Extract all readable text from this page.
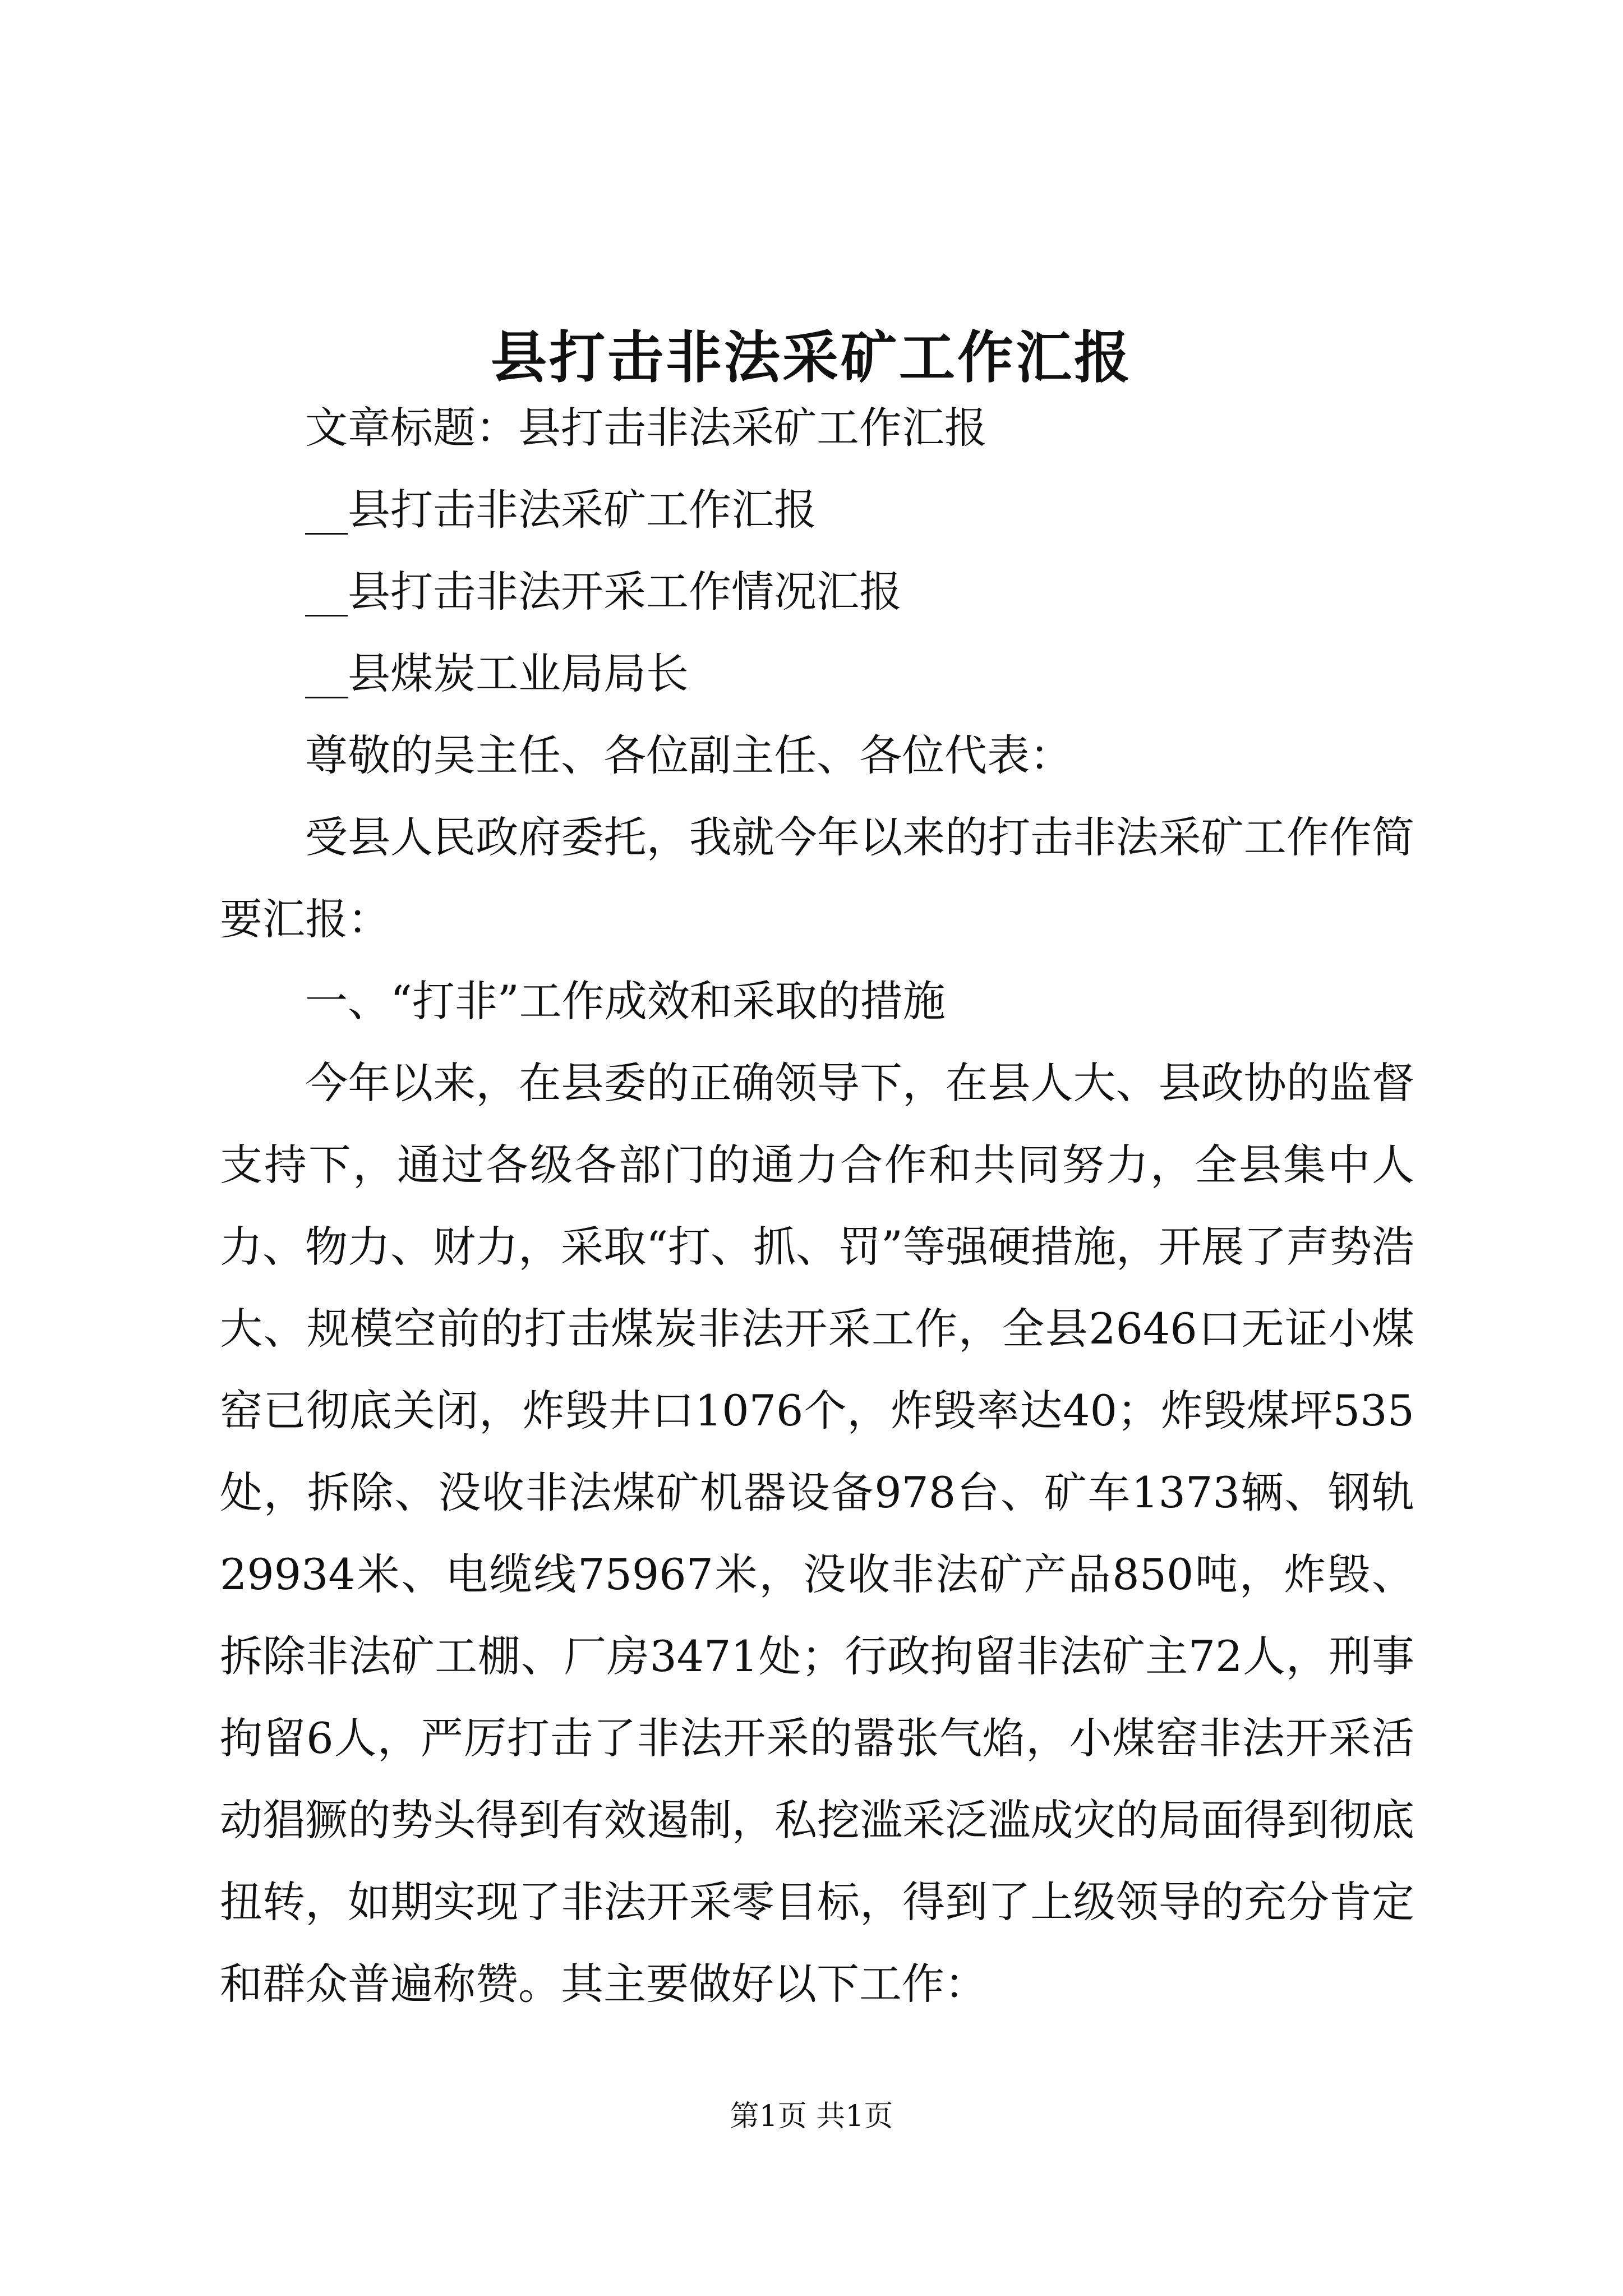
县打击非法采矿工作汇报

文章标题：县打击非法采矿工作汇报

__县打击非法采矿工作汇报

__县打击非法开采工作情况汇报

__县煤炭工业局局长

尊敬的吴主任、各位副主任、各位代表：

受县人民政府委托，我就今年以来的打击非法采矿工作作简要汇报：

一、“打非”工作成效和采取的措施

今年以来，在县委的正确领导下，在县人大、县政协的监督支持下，通过各级各部门的通力合作和共同努力，全县集中人力、物力、财力，采取“打、抓、罚”等强硬措施，开展了声势浩大、规模空前的打击煤炭非法开采工作，全县2646口无证小煤窑已彻底关闭，炸毁井口1076个，炸毁率达40；炸毁煤坪535处，拆除、没收非法煤矿机器设备978台、矿车1373辆、钢轨29934米、电缆线75967米，没收非法矿产品850吨，炸毁、拆除非法矿工棚、厂房3471处；行政拘留非法矿主72人，刑事拘留6人，严厉打击了非法开采的嚣张气焰，小煤窑非法开采活动猖獗的势头得到有效遏制，私挖滥采泛滥成灾的局面得到彻底扭转，如期实现了非法开采零目标，得到了上级领导的充分肯定和群众普遍称赞。其主要做好以下工作：

第1页 共1页
